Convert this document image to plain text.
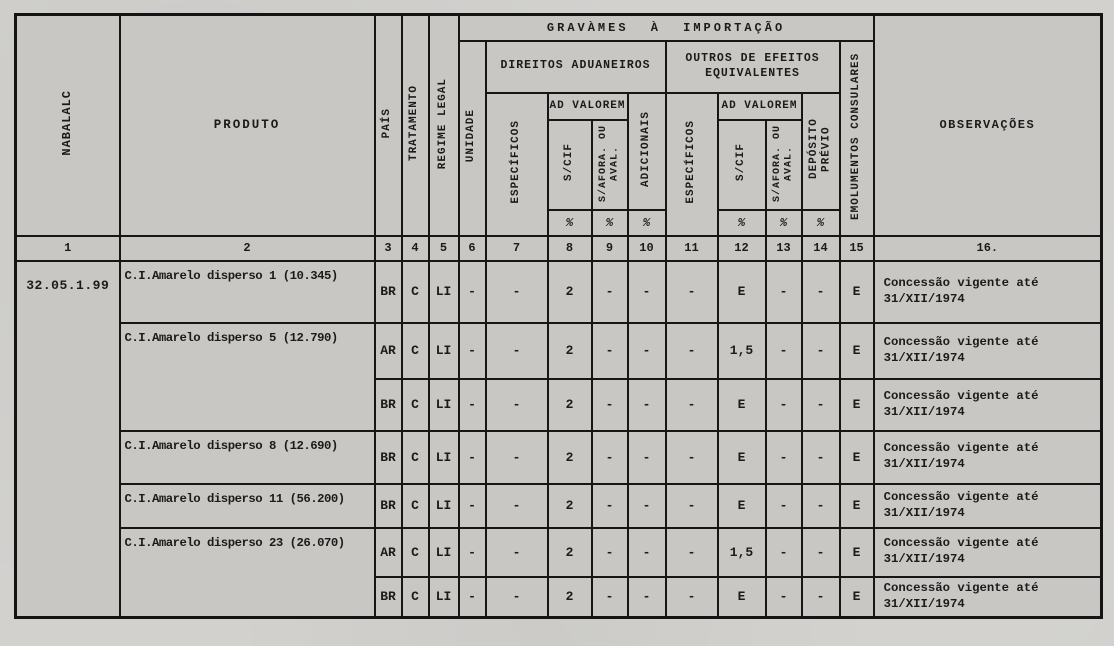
NABALALC	PRODUTO	PAÍS	TRATAMENTO	REGIME LEGAL	GRAVÀMES À IMPORTAÇÃO										OBSERVAÇÕES
					UNIDADE	DIREITOS ADUANEIROS				OUTROS DE EFEITOS EQUIVALENTES				EMOLUMENTOS CONSULARES	
						ESPECÍFICOS	AD VALOREM		ADICIONAIS	ESPECÍFICOS	AD VALOREM		DEPÓSITO PRÉVIO		
							S/CIF	S/AFORA. OU AVAL.			S/CIF	S/AFORA. OU AVAL.			
							%	%	%		%	%	%		
1	2	3	4	5	6	7	8	9	10	11	12	13	14	15	16.
32.05.1.99	C.I.Amarelo disperso 1 (10.345)	BR	C	LI	-	-	2	-	-	-	E	-	-	E	Concessão vigente até 31/XII/1974
	C.I.Amarelo disperso 5 (12.790)	AR	C	LI	-	-	2	-	-	-	1,5	-	-	E	Concessão vigente até 31/XII/1974
		BR	C	LI	-	-	2	-	-	-	E	-	-	E	Concessão vigente até 31/XII/1974
	C.I.Amarelo disperso 8 (12.690)	BR	C	LI	-	-	2	-	-	-	E	-	-	E	Concessão vigente até 31/XII/1974
	C.I.Amarelo disperso 11 (56.200)	BR	C	LI	-	-	2	-	-	-	E	-	-	E	Concessão vigente até 31/XII/1974
	C.I.Amarelo disperso 23 (26.070)	AR	C	LI	-	-	2	-	-	-	1,5	-	-	E	Concessão vigente até 31/XII/1974
		BR	C	LI	-	-	2	-	-	-	E	-	-	E	Concessão vigente até 31/XII/1974
